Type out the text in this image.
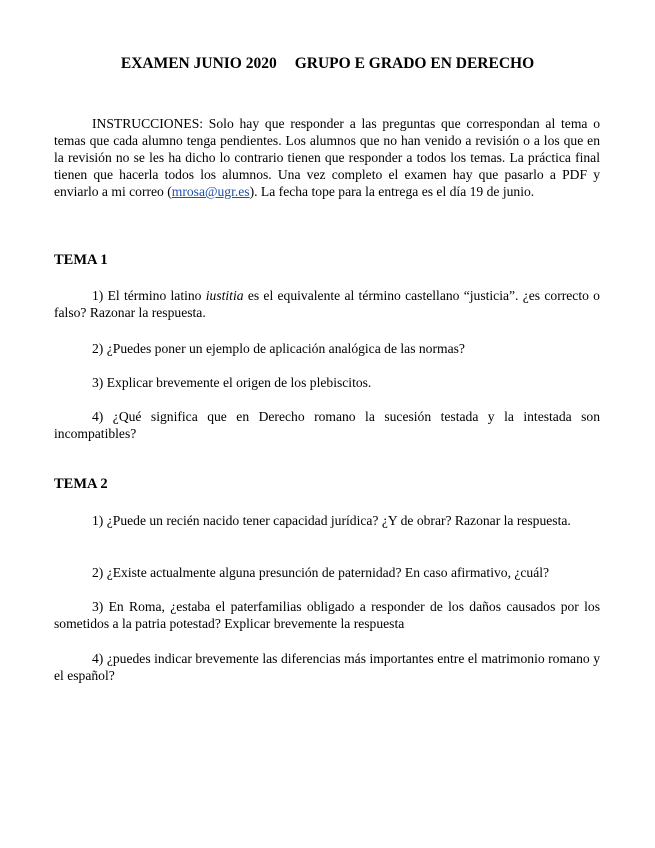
EXAMEN JUNIO 2020 GRUPO E GRADO EN DERECHO

INSTRUCCIONES: Solo hay que responder a las preguntas que correspondan al tema o temas que cada alumno tenga pendientes. Los alumnos que no han venido a revisión o a los que en la revisión no se les ha dicho lo contrario tienen que responder a todos los temas. La práctica final tienen que hacerla todos los alumnos. Una vez completo el examen hay que pasarlo a PDF y enviarlo a mi correo (mrosa@ugr.es). La fecha tope para la entrega es el día 19 de junio.

TEMA 1

1) El término latino iustitia es el equivalente al término castellano “justicia”. ¿es correcto o falso? Razonar la respuesta.

2) ¿Puedes poner un ejemplo de aplicación analógica de las normas?

3) Explicar brevemente el origen de los plebiscitos.

4) ¿Qué significa que en Derecho romano la sucesión testada y la intestada son incompatibles?

TEMA 2

1) ¿Puede un recién nacido tener capacidad jurídica? ¿Y de obrar? Razonar la respuesta.

2) ¿Existe actualmente alguna presunción de paternidad? En caso afirmativo, ¿cuál?

3) En Roma, ¿estaba el paterfamilias obligado a responder de los daños causados por los sometidos a la patria potestad? Explicar brevemente la respuesta

4) ¿puedes indicar brevemente las diferencias más importantes entre el matrimonio romano y el español?
